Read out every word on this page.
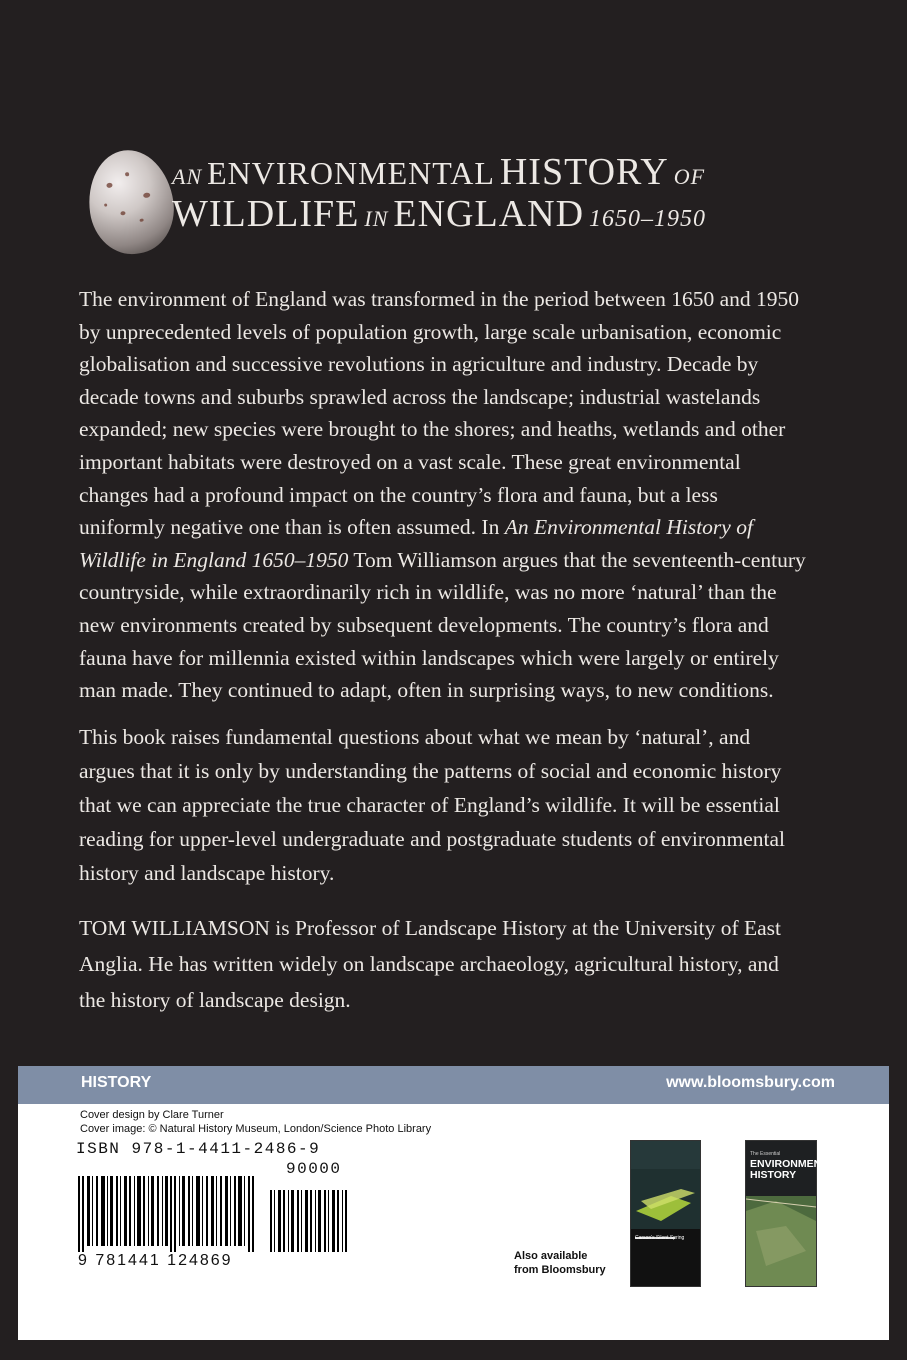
AN ENVIRONMENTAL HISTORY OF
WILDLIFE IN ENGLAND 1650–1950

The environment of England was transformed in the period between 1650 and 1950 by unprecedented levels of population growth, large scale urbanisation, economic globalisation and successive revolutions in agriculture and industry. Decade by decade towns and suburbs sprawled across the landscape; industrial wastelands expanded; new species were brought to the shores; and heaths, wetlands and other important habitats were destroyed on a vast scale. These great environmental changes had a profound impact on the country’s flora and fauna, but a less uniformly negative one than is often assumed. In An Environmental History of Wildlife in England 1650–1950 Tom Williamson argues that the seventeenth-century countryside, while extraordinarily rich in wildlife, was no more ‘natural’ than the new environments created by subsequent developments. The country’s flora and fauna have for millennia existed within landscapes which were largely or entirely man made. They continued to adapt, often in surprising ways, to new conditions.

This book raises fundamental questions about what we mean by ‘natural’, and argues that it is only by understanding the patterns of social and economic history that we can appreciate the true character of England’s wildlife. It will be essential reading for upper-level undergraduate and postgraduate students of environmental history and landscape history.

TOM WILLIAMSON is Professor of Landscape History at the University of East Anglia. He has written widely on landscape archaeology, agricultural history, and the history of landscape design.

HISTORY	www.bloomsbury.com
Cover design by Clare Turner
Cover image: © Natural History Museum, London/Science Photo Library
ISBN 978-1-4411-2486-9
90000
9 781441 124869	Also available
from Bloomsbury
Carson's Silent Spring
The Essential
ENVIRONMENTAL HISTORY
